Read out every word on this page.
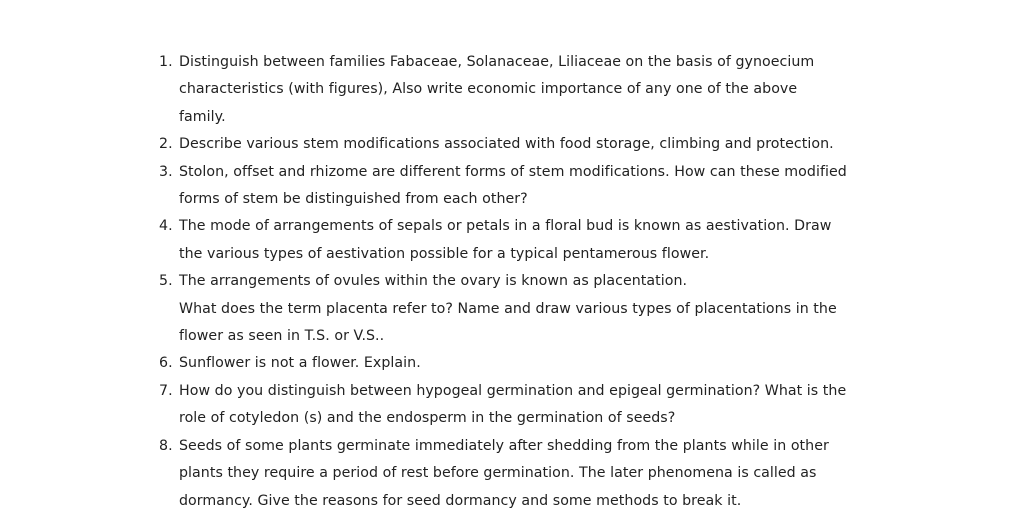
1. Distinguish between families Fabaceae, Solanaceae, Liliaceae on the basis of gynoecium
characteristics (with figures), Also write economic importance of any one of the above
family.
2. Describe various stem modifications associated with food storage, climbing and protection.
3. Stolon, offset and rhizome are different forms of stem modifications. How can these modified
forms of stem be distinguished from each other?
4. The mode of arrangements of sepals or petals in a floral bud is known as aestivation. Draw
the various types of aestivation possible for a typical pentamerous flower.
5. The arrangements of ovules within the ovary is known as placentation.
What does the term placenta refer to? Name and draw various types of placentations in the
flower as seen in T.S. or V.S..
6. Sunflower is not a flower. Explain.
7. How do you distinguish between hypogeal germination and epigeal germination? What is the
role of cotyledon (s) and the endosperm in the germination of seeds?
8. Seeds of some plants germinate immediately after shedding from the plants while in other
plants they require a period of rest before germination. The later phenomena is called as
dormancy. Give the reasons for seed dormancy and some methods to break it.
